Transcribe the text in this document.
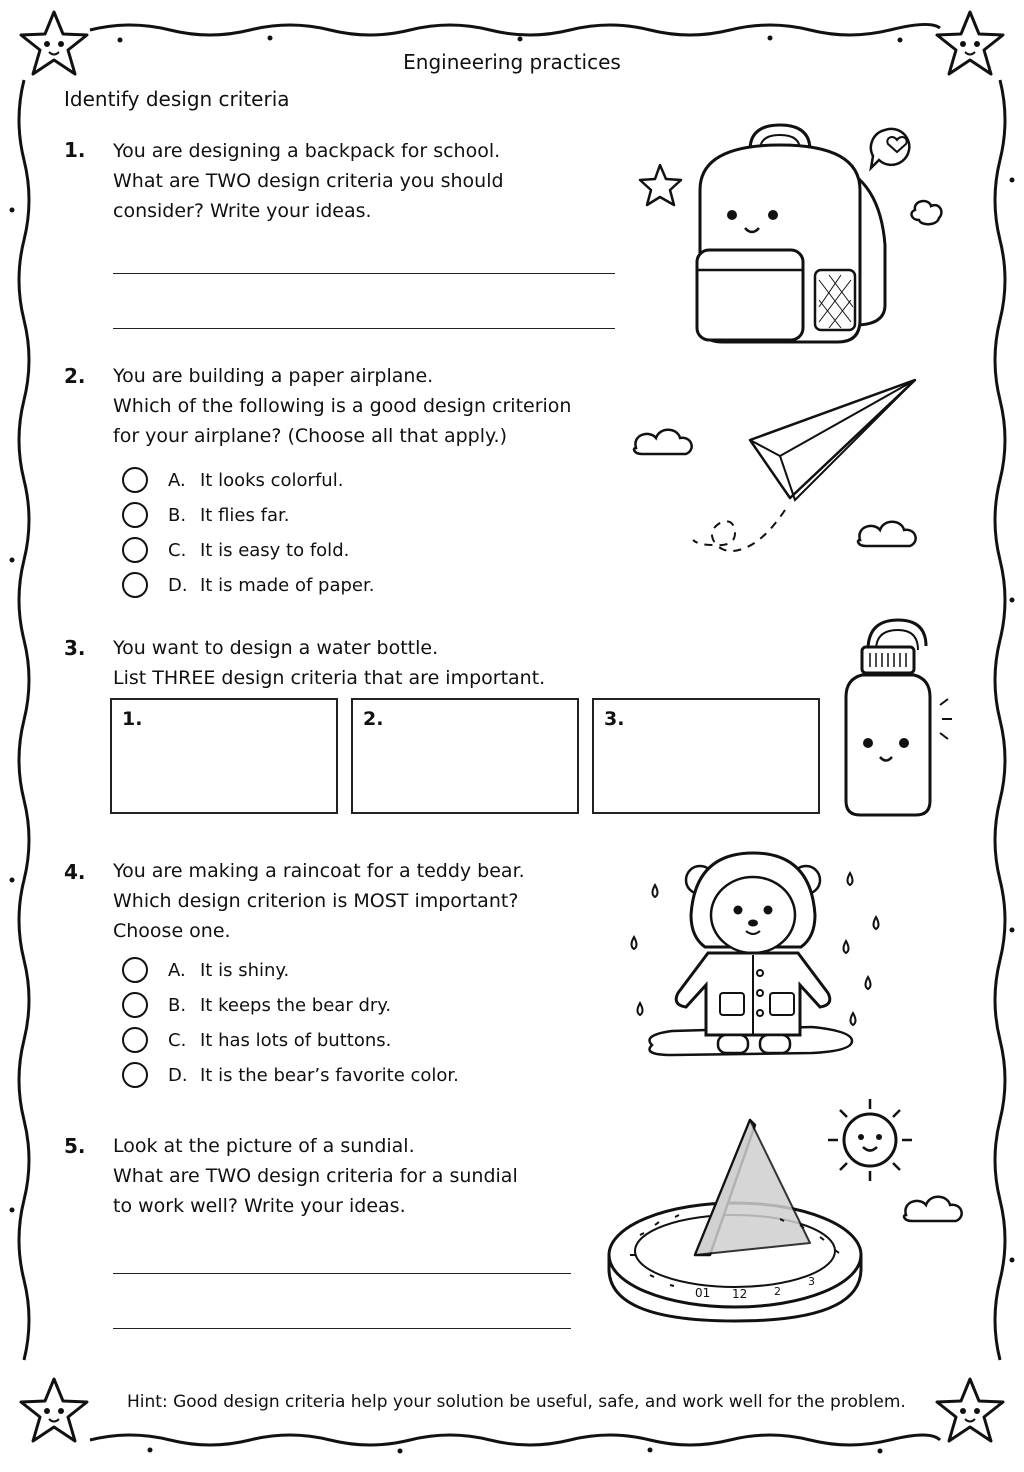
Engineering practices
Identify design criteria
1. You are designing a backpack for school.
What are TWO design criteria you should
consider? Write your ideas.
2. You are building a paper airplane.
Which of the following is a good design criterion
for your airplane? (Choose all that apply.)
A. It looks colorful.
B. It flies far.
C. It is easy to fold.
D. It is made of paper.
3. You want to design a water bottle.
List THREE design criteria that are important.
1.	2.	3.
4. You are making a raincoat for a teddy bear.
Which design criterion is MOST important?
Choose one.
A. It is shiny.
B. It keeps the bear dry.
C. It has lots of buttons.
D. It is the bear’s favorite color.
5. Look at the picture of a sundial.
What are TWO design criteria for a sundial
to work well? Write your ideas.
01 12 2
3
Hint: Good design criteria help your solution be useful, safe, and work well for the problem.
